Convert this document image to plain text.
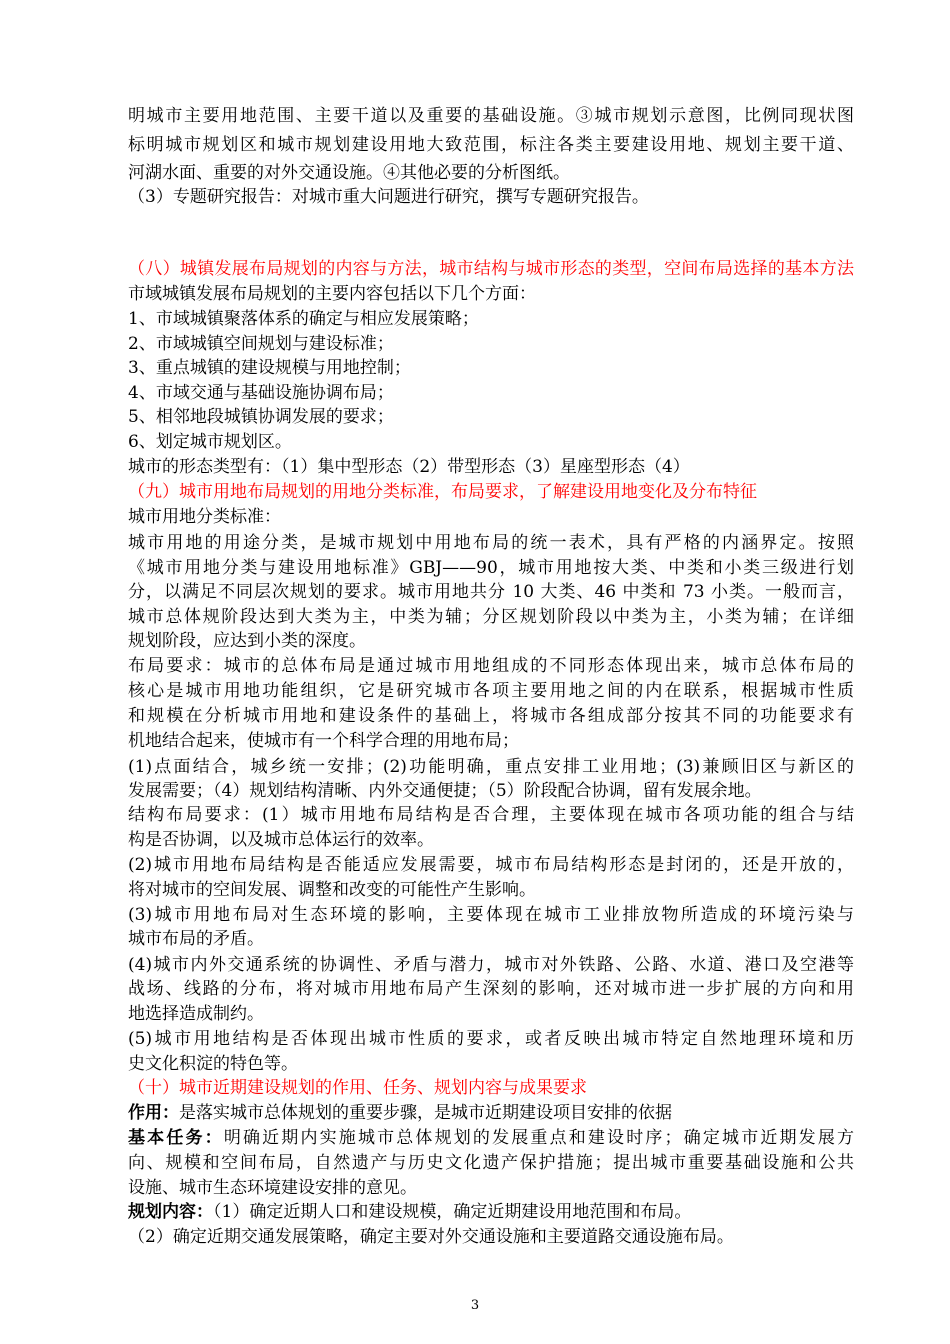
明城市主要用地范围、主要干道以及重要的基础设施。③城市规划示意图，比例同现状图
标明城市规划区和城市规划建设用地大致范围，标注各类主要建设用地、规划主要干道、
河湖水面、重要的对外交通设施。④其他必要的分析图纸。
（3）专题研究报告：对城市重大问题进行研究，撰写专题研究报告。
（八）城镇发展布局规划的内容与方法，城市结构与城市形态的类型，空间布局选择的基本方法
市域城镇发展布局规划的主要内容包括以下几个方面：
1、市域城镇聚落体系的确定与相应发展策略；
2、市域城镇空间规划与建设标准；
3、重点城镇的建设规模与用地控制；
4、市域交通与基础设施协调布局；
5、相邻地段城镇协调发展的要求；
6、划定城市规划区。
城市的形态类型有：（1）集中型形态（2）带型形态（3）星座型形态（4）
（九）城市用地布局规划的用地分类标准，布局要求，了解建设用地变化及分布特征
城市用地分类标准：
城市用地的用途分类，是城市规划中用地布局的统一表术，具有严格的内涵界定。按照
《城市用地分类与建设用地标准》GBJ——90，城市用地按大类、中类和小类三级进行划
分，以满足不同层次规划的要求。城市用地共分 10 大类、46 中类和 73 小类。一般而言，
城市总体规阶段达到大类为主，中类为辅；分区规划阶段以中类为主，小类为辅；在详细
规划阶段，应达到小类的深度。
布局要求：城市的总体布局是通过城市用地组成的不同形态体现出来，城市总体布局的
核心是城市用地功能组织，它是研究城市各项主要用地之间的内在联系，根据城市性质
和规模在分析城市用地和建设条件的基础上，将城市各组成部分按其不同的功能要求有
机地结合起来，使城市有一个科学合理的用地布局；
(1)点面结合，城乡统一安排；(2)功能明确，重点安排工业用地；(3)兼顾旧区与新区的
发展需要；（4）规划结构清晰、内外交通便捷；（5）阶段配合协调，留有发展余地。
结构布局要求：(1）城市用地布局结构是否合理，主要体现在城市各项功能的组合与结
构是否协调，以及城市总体运行的效率。
(2)城市用地布局结构是否能适应发展需要，城市布局结构形态是封闭的，还是开放的，
将对城市的空间发展、调整和改变的可能性产生影响。
(3)城市用地布局对生态环境的影响，主要体现在城市工业排放物所造成的环境污染与
城市布局的矛盾。
(4)城市内外交通系统的协调性、矛盾与潜力，城市对外铁路、公路、水道、港口及空港等
战场、线路的分布，将对城市用地布局产生深刻的影响，还对城市进一步扩展的方向和用
地选择造成制约。
(5)城市用地结构是否体现出城市性质的要求，或者反映出城市特定自然地理环境和历
史文化积淀的特色等。
（十）城市近期建设规划的作用、任务、规划内容与成果要求
作用：是落实城市总体规划的重要步骤，是城市近期建设项目安排的依据
基本任务：明确近期内实施城市总体规划的发展重点和建设时序；确定城市近期发展方
向、规模和空间布局，自然遗产与历史文化遗产保护措施；提出城市重要基础设施和公共
设施、城市生态环境建设安排的意见。
规划内容：（1）确定近期人口和建设规模，确定近期建设用地范围和布局。
（2）确定近期交通发展策略，确定主要对外交通设施和主要道路交通设施布局。
3
